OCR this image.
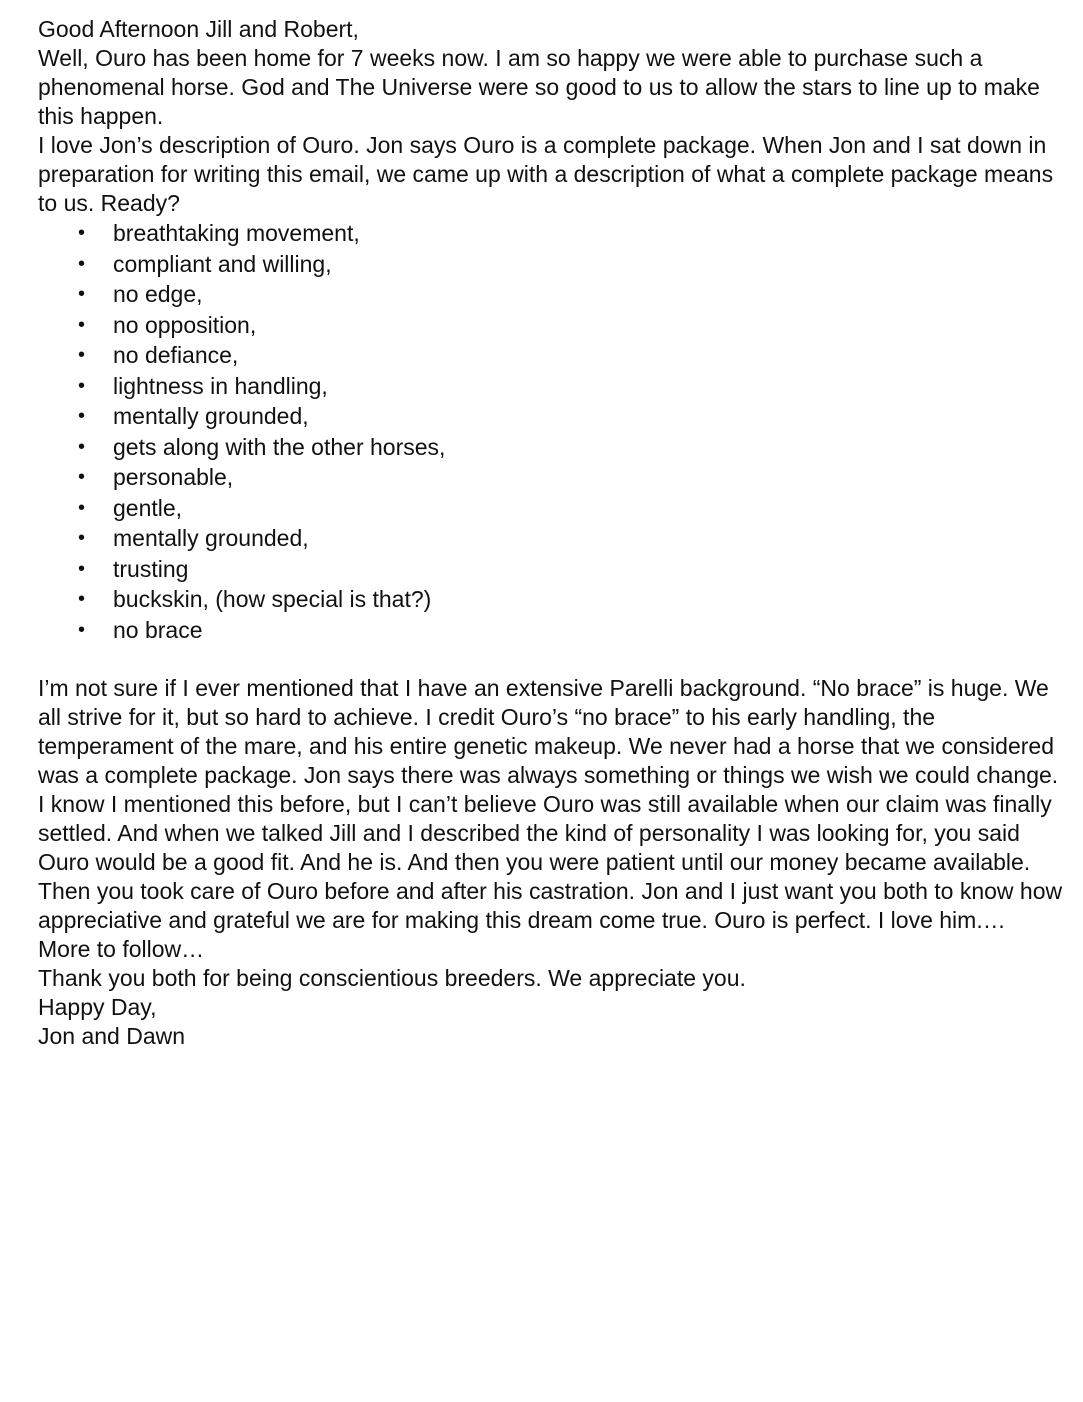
Good Afternoon Jill and Robert,

Well, Ouro has been home for 7 weeks now. I am so happy we were able to purchase such a phenomenal horse. God and The Universe were so good to us to allow the stars to line up to make this happen.

I love Jon’s description of Ouro. Jon says Ouro is a complete package. When Jon and I sat down in preparation for writing this email, we came up with a description of what a complete package means to us. Ready?

• breathtaking movement,
• compliant and willing,
• no edge,
• no opposition,
• no defiance,
• lightness in handling,
• mentally grounded,
• gets along with the other horses,
• personable,
• gentle,
• mentally grounded,
• trusting
• buckskin, (how special is that?)
• no brace

I’m not sure if I ever mentioned that I have an extensive Parelli background. “No brace” is huge. We all strive for it, but so hard to achieve. I credit Ouro’s “no brace” to his early handling, the temperament of the mare, and his entire genetic makeup. We never had a horse that we considered was a complete package. Jon says there was always something or things we wish we could change.

I know I mentioned this before, but I can’t believe Ouro was still available when our claim was finally settled. And when we talked Jill and I described the kind of personality I was looking for, you said Ouro would be a good fit. And he is. And then you were patient until our money became available. Then you took care of Ouro before and after his castration. Jon and I just want you both to know how appreciative and grateful we are for making this dream come true. Ouro is perfect. I love him.…

More to follow…

Thank you both for being conscientious breeders. We appreciate you.

Happy Day,

Jon and Dawn
